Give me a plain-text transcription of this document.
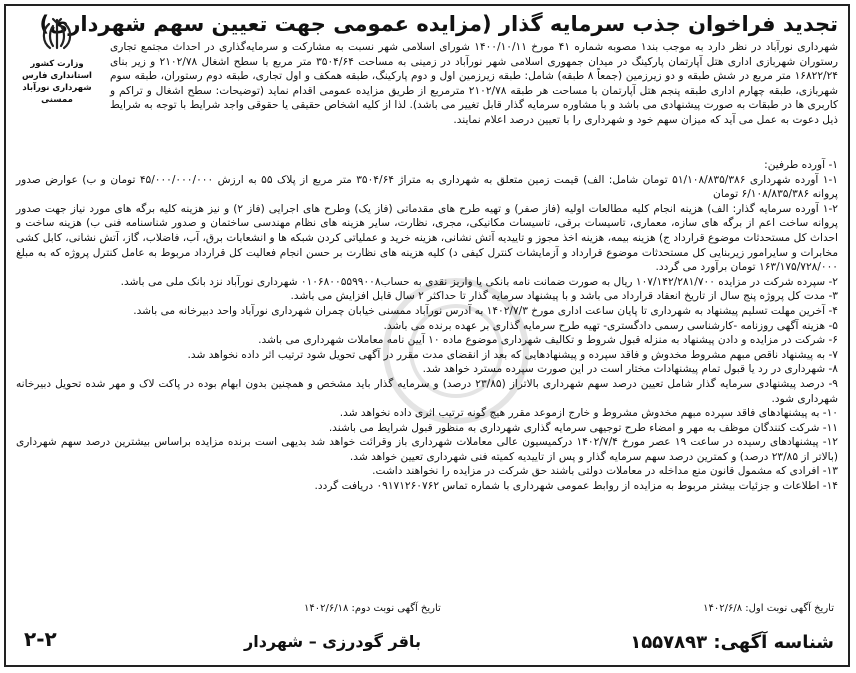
تجدید فراخوان جذب سرمایه گذار (مزایده عمومی جهت تعیین سهم شهرداری)
وزارت کشور
استانداری فارس
شهرداری نورآباد ممسنی

شهرداری نورآباد در نظر دارد به موجب بند۱ مصوبه شماره ۴۱ مورخ ۱۴۰۰/۱۰/۱۱ شورای اسلامی شهر نسبت به مشارکت و سرمایه‌گذاری در احداث مجتمع تجاری رستوران شهربازی اداری هتل آپارتمان پارکینگ در میدان جمهوری اسلامی شهر نورآباد در زمینی به مساحت ۳۵۰۴/۶۴ متر مربع با سطح اشغال ۲۱۰۲/۷۸ و زیر بنای ۱۶۸۲۲/۲۴ متر مربع در شش طبقه و دو زیرزمین (جمعاً ۸ طبقه) شامل: طبقه زیرزمین اول و دوم پارکینگ، طبقه همکف و اول تجاری، طبقه دوم رستوران، طبقه سوم شهربازی، طبقه چهارم اداری طبقه پنجم هتل آپارتمان با مساحت هر طبقه ۲۱۰۲/۷۸ مترمربع از طریق مزایده عمومی اقدام نماید (توضیحات: سطح اشغال و تراکم و کاربری ها در طبقات به صورت پیشنهادی می باشد و با مشاوره سرمایه گذار قابل تغییر می باشد). لذا از کلیه اشخاص حقیقی یا حقوقی واجد شرایط با توجه به شرایط ذیل دعوت به عمل می آید که میزان سهم خود و شهرداری را با تعیین درصد اعلام نمایند.

۱- آورده طرفین:

۱-۱ آورده شهرداری ۵۱/۱۰۸/۸۳۵/۳۸۶ تومان شامل: الف) قیمت زمین متعلق به شهرداری به متراژ ۳۵۰۴/۶۴ متر مربع از پلاک ۵۵ به ارزش ۴۵/۰۰۰/۰۰۰/۰۰۰ تومان و ب) عوارض صدور پروانه ۶/۱۰۸/۸۳۵/۳۸۶ تومان

۱-۲ آورده سرمایه گذار: الف) هزینه انجام کلیه مطالعات اولیه (فاز صفر) و تهیه طرح های مقدماتی (فاز یک) وطرح های اجرایی (فاز ۲) و نیز هزینه کلیه برگه های مورد نیاز جهت صدور پروانه ساخت اعم از برگه های سازه، معماری، تاسیسات برقی، تاسیسات مکانیکی، مجری، نظارت، سایر هزینه های نظام مهندسی ساختمان و صدور شناسنامه فنی ب) هزینه ساخت و احداث کل مستحدثات موضوع قرارداد ج) هزینه بیمه، هزینه اخذ مجوز و تاییدیه آتش نشانی، هزینه خرید و عملیاتی کردن شبکه ها و انشعابات برق، آب، فاضلاب، گاز، آتش نشانی، کابل کشی مخابرات و سایرامور زیربنایی کل مستحدثات موضوع قرارداد و آزمایشات کنترل کیفی د) کلیه هزینه های نظارت بر حسن انجام فعالیت کل قرارداد مربوط به عامل کنترل پروژه که به مبلغ ۱۶۳/۱۷۵/۷۲۸/۰۰۰ تومان برآورد می گردد.

۲- سپرده شرکت در مزایده ۱۰۷/۱۴۲/۲۸۱/۷۰۰ ریال به صورت ضمانت نامه بانکی یا واریز نقدی به حساب۰۱۰۶۸۰۰۵۵۹۹۰۰۸ شهرداری نورآباد نزد بانک ملی می باشد.

۳- مدت کل پروژه پنج سال از تاریخ انعقاد قرارداد می باشد و با پیشنهاد سرمایه گذار تا حداکثر ۲ سال قابل افزایش می باشد.

۴- آخرین مهلت تسلیم پیشنهاد به شهرداری تا پایان ساعت اداری مورخ ۱۴۰۲/۷/۳ به آدرس نورآباد ممسنی خیابان چمران شهرداری نورآباد واحد دبیرخانه می باشد.

۵- هزینه آگهی روزنامه -کارشناسی رسمی دادگستری- تهیه طرح سرمایه گذاری بر عهده برنده می باشد.

۶- شرکت در مزایده و دادن پیشنهاد به منزله قبول شروط و تکالیف شهرداری موضوع ماده ۱۰ آیین نامه معاملات شهرداری می باشد.

۷- به پیشنهاد ناقص مبهم مشروط مخدوش و فاقد سپرده و پیشنهادهایی که بعد از انقضای مدت مقرر در آگهی تحویل شود ترتیب اثر داده نخواهد شد.

۸- شهرداری در رد یا قبول تمام پیشنهادات مختار است در این صورت سپرده مسترد خواهد شد.

۹- درصد پیشنهادی سرمایه گذار شامل تعیین درصد سهم شهرداری بالاتراز (۲۳/۸۵ درصد) و سرمایه گذار باید مشخص و همچنین بدون ابهام بوده در پاکت لاک و مهر شده تحویل دبیرخانه شهرداری شود.

۱۰- به پیشنهادهای فاقد سپرده مبهم مخدوش مشروط و خارج ازموعد مقرر هیچ گونه ترتیب اثری داده نخواهد شد.

۱۱- شرکت کنندگان موظف به مهر و امضاء طرح توجیهی سرمایه گذاری شهرداری به منظور قبول شرایط می باشند.

۱۲- پیشنهادهای رسیده در ساعت ۱۹ عصر مورخ ۱۴۰۲/۷/۴ درکمیسیون عالی معاملات شهرداری باز وقرائت خواهد شد بدیهی است برنده مزایده براساس بیشترین درصد سهم شهرداری (بالاتر از ۲۳/۸۵ درصد) و کمترین درصد سهم سرمایه گذار و پس از تاییدیه کمیته فنی شهرداری تعیین خواهد شد.

۱۳- افرادی که مشمول قانون منع مداخله در معاملات دولتی باشند حق شرکت در مزایده را نخواهند داشت.

۱۴- اطلاعات و جزئیات بیشتر مربوط به مزایده از روابط عمومی شهرداری با شماره تماس ۰۹۱۷۱۲۶۰۷۶۲ دریافت گردد.

تاریخ آگهی نوبت اول: ۱۴۰۲/۶/۸
تاریخ آگهی نوبت دوم: ۱۴۰۲/۶/۱۸
شناسه آگهی: ۱۵۵۷۸۹۳
باقر گودرزی – شهردار
۲-۲
